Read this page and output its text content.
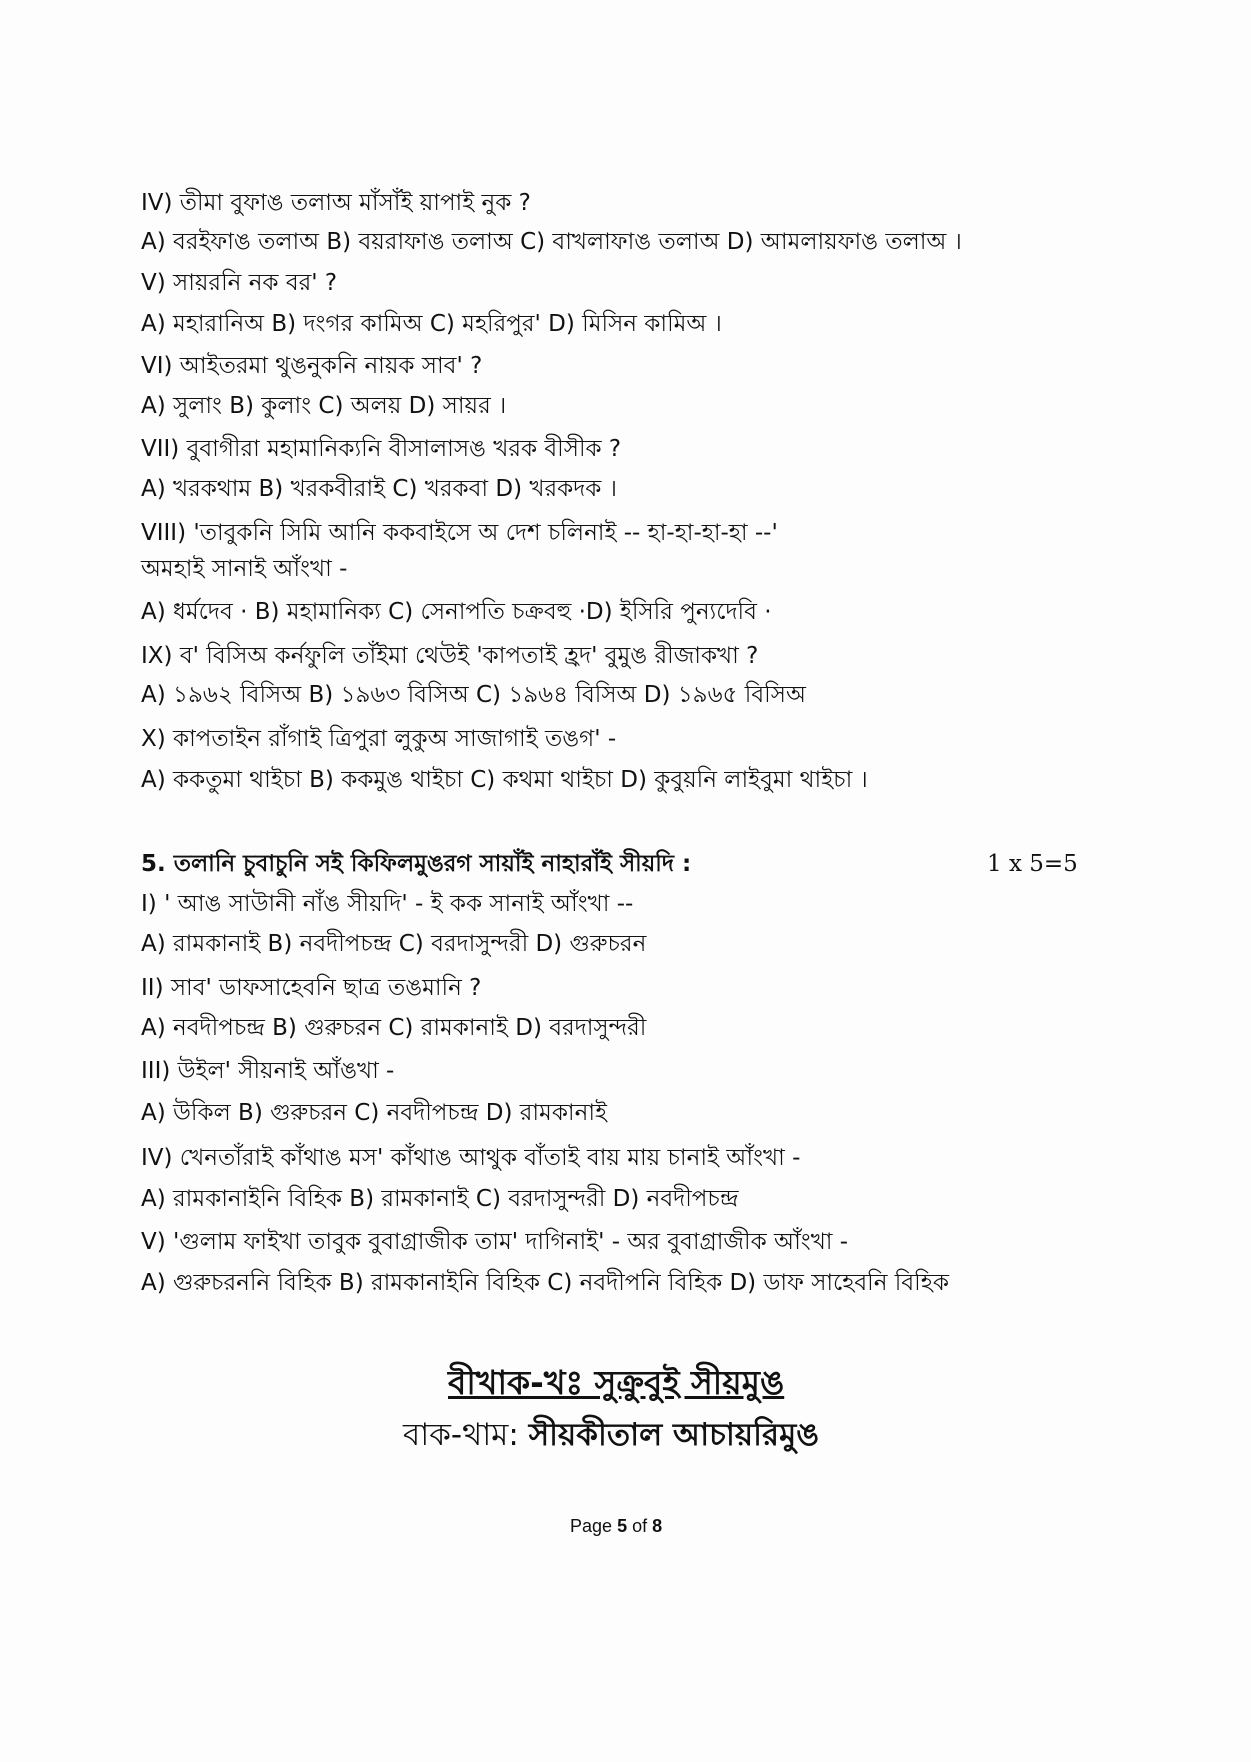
IV) তীমা বুফাঙ তলাঅ মাঁসাঁই য়াপাই নুক ?
A) বরইফাঙ তলাঅ B) বয়রাফাঙ তলাঅ C) বাখলাফাঙ তলাঅ D) আমলায়ফাঙ তলাঅ ।
V) সায়রনি নক বর' ?
A) মহারানিঅ B) দংগর কামিঅ C) মহরিপুর' D) মিসিন কামিঅ ।
VI) আইতরমা থুঙনুকনি নায়ক সাব' ?
A) সুলাং B) কুলাং C) অলয় D) সায়র ।
VII) বুবাগীরা মহামানিক্যনি বীসালাসঙ খরক বীসীক ?
A) খরকথাম B) খরকবীরাই C) খরকবা D) খরকদক ।
VIII) 'তাবুকনি সিমি আনি ককবাইসে অ দেশ চলিনাই -- হা-হা-হা-হা --'
অমহাই সানাই আঁংখা -
A) ধর্মদেব · B) মহামানিক্য C) সেনাপতি চক্রবহু ·D) ইসিরি পুন্যদেবি ·
IX) ব' বিসিঅ কর্নফুলি তাঁইমা থেউই 'কাপতাই হ্রদ' বুমুঙ রীজাকখা ?
A) ১৯৬২ বিসিঅ B) ১৯৬৩ বিসিঅ C) ১৯৬৪ বিসিঅ D) ১৯৬৫ বিসিঅ
X) কাপতাইন রাঁগাই ত্রিপুরা লুকুঅ সাজাগাই তঙগ' -
A) ককতুমা থাইচা B) ককমুঙ থাইচা C) কথমা থাইচা D) কুবুয়নি লাইবুমা থাইচা ।
5. তলানি চুবাচুনি সই কিফিলমুঙরগ সায়াঁই নাহারাঁই সীয়দি :	1 x 5=5
I) ' আঙ সাউানী নাঁঙ সীয়দি' - ই কক সানাই আঁংখা --
A) রামকানাই B) নবদীপচন্দ্র C) বরদাসুন্দরী D) গুরুচরন
II) সাব' ডাফসাহেবনি ছাত্র তঙমানি ?
A) নবদীপচন্দ্র B) গুরুচরন C) রামকানাই D) বরদাসুন্দরী
III) উইল' সীয়নাই আঁঙখা -
A) উকিল B) গুরুচরন C) নবদীপচন্দ্র D) রামকানাই
IV) খেনতাঁরাই কাঁথাঙ মস' কাঁথাঙ আথুক বাঁতাই বায় মায় চানাই আঁংখা -
A) রামকানাইনি বিহিক B) রামকানাই C) বরদাসুন্দরী D) নবদীপচন্দ্র
V) 'গুলাম ফাইখা তাবুক বুবাগ্রাজীক তাম' দাগিনাই' - অর বুবাগ্রাজীক আঁংখা -
A) গুরুচরননি বিহিক B) রামকানাইনি বিহিক C) নবদীপনি বিহিক D) ডাফ সাহেবনি বিহিক
বীখাক-খঃ সুক্রুবুই সীয়মুঙ
বাক-থাম: সীয়কীতাল আচায়রিমুঙ
Page 5 of 8
